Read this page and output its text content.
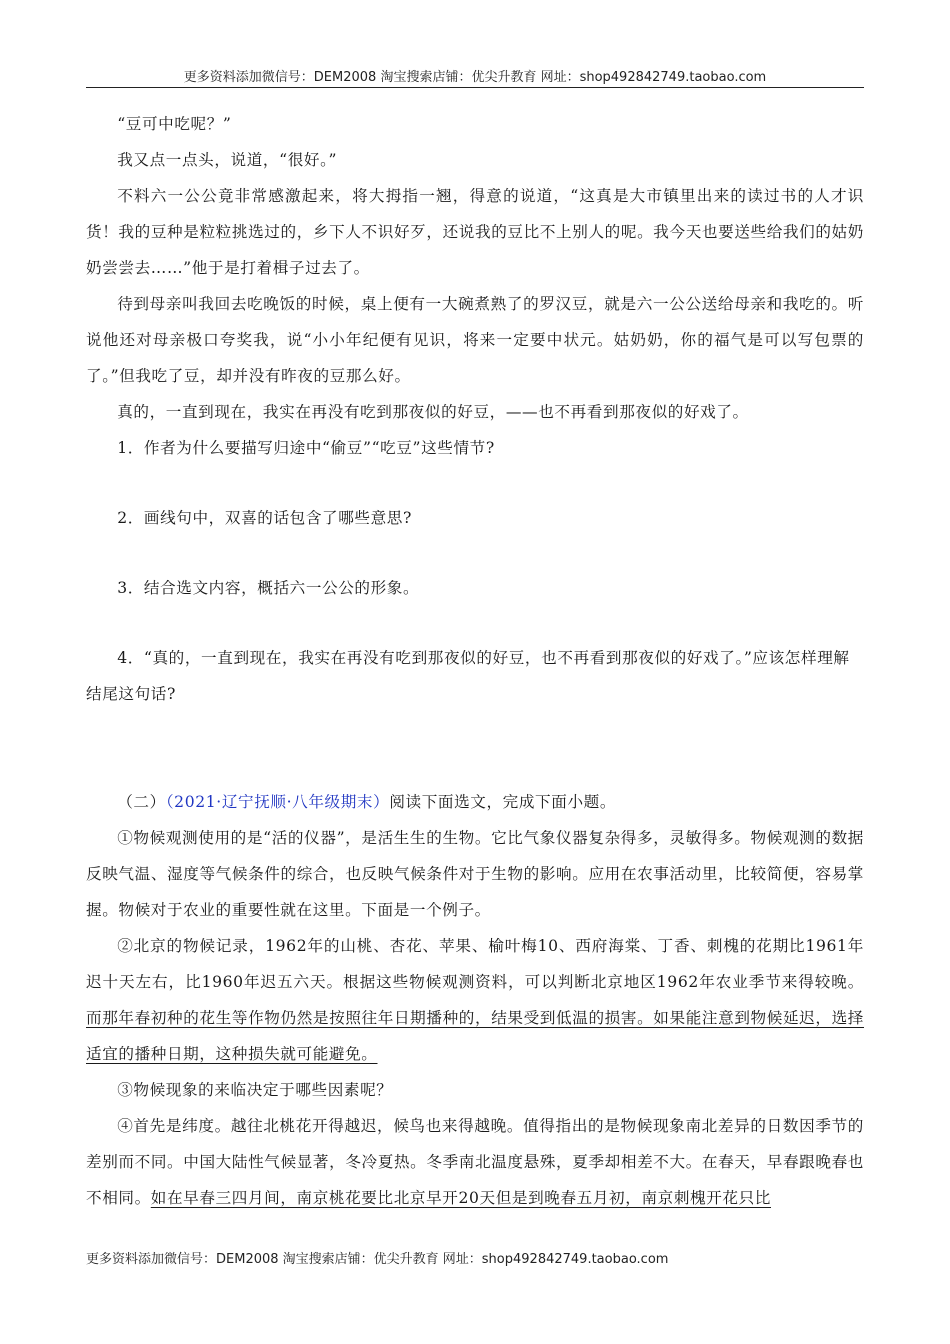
更多资料添加微信号：DEM2008 淘宝搜索店铺：优尖升教育 网址：shop492842749.taobao.com

“豆可中吃呢？”

我又点一点头，说道，“很好。”

不料六一公公竟非常感激起来，将大拇指一翘，得意的说道，“这真是大市镇里出来的读过书的人才识货！我的豆种是粒粒挑选过的，乡下人不识好歹，还说我的豆比不上别人的呢。我今天也要送些给我们的姑奶奶尝尝去……”他于是打着楫子过去了。

待到母亲叫我回去吃晚饭的时候，桌上便有一大碗煮熟了的罗汉豆，就是六一公公送给母亲和我吃的。听说他还对母亲极口夸奖我，说“小小年纪便有见识，将来一定要中状元。姑奶奶，你的福气是可以写包票的了。”但我吃了豆，却并没有昨夜的豆那么好。

真的，一直到现在，我实在再没有吃到那夜似的好豆，——也不再看到那夜似的好戏了。

1．作者为什么要描写归途中“偷豆”“吃豆”这些情节?

2．画线句中，双喜的话包含了哪些意思?

3．结合选文内容，概括六一公公的形象。

4．“真的，一直到现在，我实在再没有吃到那夜似的好豆，也不再看到那夜似的好戏了。”应该怎样理解结尾这句话?

（二）（2021·辽宁抚顺·八年级期末）阅读下面选文，完成下面小题。

①物候观测使用的是“活的仪器”，是活生生的生物。它比气象仪器复杂得多，灵敏得多。物候观测的数据反映气温、湿度等气候条件的综合，也反映气候条件对于生物的影响。应用在农事活动里，比较简便，容易掌握。物候对于农业的重要性就在这里。下面是一个例子。

②北京的物候记录，1962年的山桃、杏花、苹果、榆叶梅10、西府海棠、丁香、刺槐的花期比1961年迟十天左右，比1960年迟五六天。根据这些物候观测资料，可以判断北京地区1962年农业季节来得较晚。而那年春初种的花生等作物仍然是按照往年日期播种的，结果受到低温的损害。如果能注意到物候延迟，选择适宜的播种日期，这种损失就可能避免。

③物候现象的来临决定于哪些因素呢？

④首先是纬度。越往北桃花开得越迟，候鸟也来得越晚。值得指出的是物候现象南北差异的日数因季节的差别而不同。中国大陆性气候显著，冬冷夏热。冬季南北温度悬殊，夏季却相差不大。在春天，早春跟晚春也不相同。如在早春三四月间，南京桃花要比北京早开20天但是到晚春五月初，南京刺槐开花只比

更多资料添加微信号：DEM2008 淘宝搜索店铺：优尖升教育 网址：shop492842749.taobao.com
